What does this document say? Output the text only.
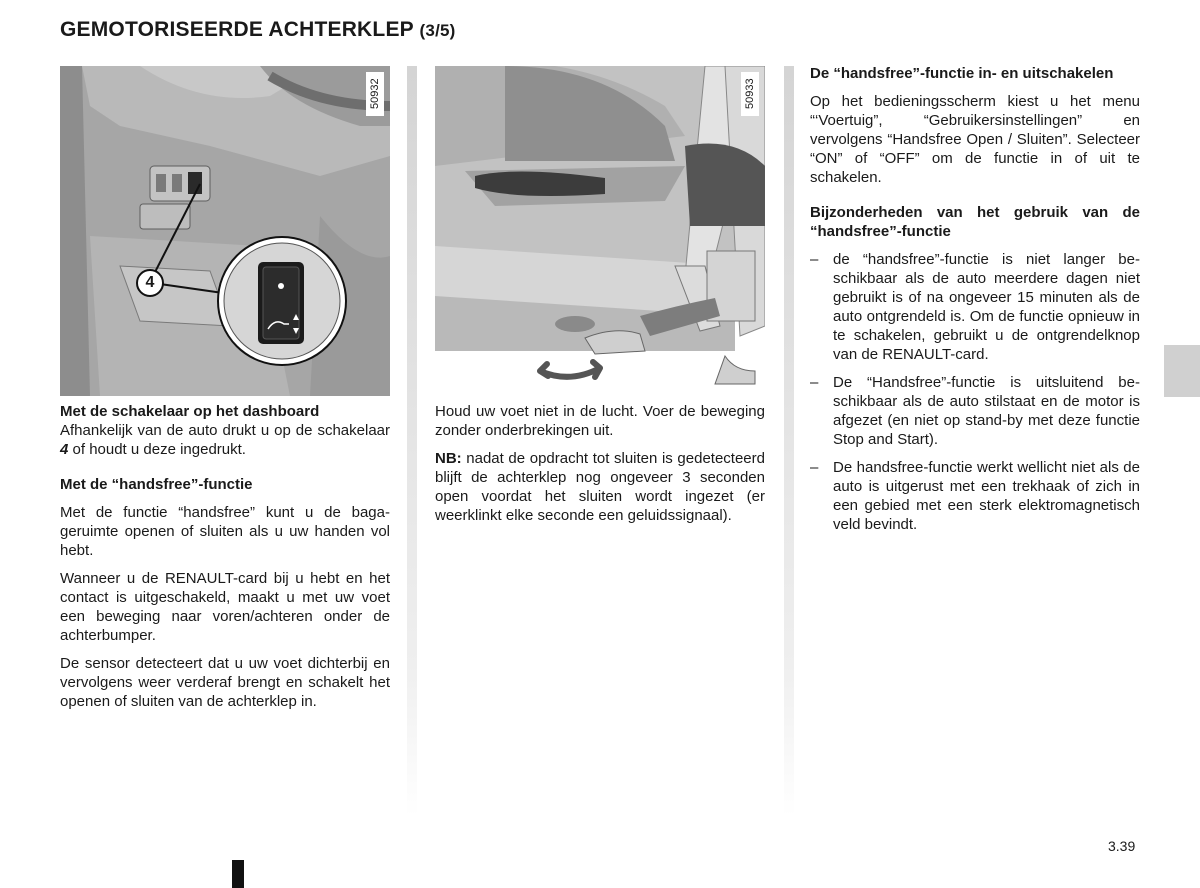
GEMOTORISEERDE ACHTERKLEP (3/5)
4
50932	50933

Met de schakelaar op het dashboard

Afhankelijk van de auto drukt u op de schakelaar 4 of houdt u deze ingedrukt.

Met de “handsfree”-functie

Met de functie “handsfree” kunt u de bagageruimte openen of sluiten als u uw handen vol hebt.

Wanneer u de RENAULT-card bij u hebt en het contact is uitgeschakeld, maakt u met uw voet een beweging naar voren/achteren onder de achterbumper.

De sensor detecteert dat u uw voet dichterbij en vervolgens weer verderaf brengt en schakelt het openen of sluiten van de achterklep in.

Houd uw voet niet in de lucht. Voer de beweging zonder onderbrekingen uit.

NB: nadat de opdracht tot sluiten is gedetecteerd blijft de achterklep nog ongeveer 3 seconden open voordat het sluiten wordt ingezet (er weerklinkt elke seconde een geluidssignaal).

De “handsfree”-functie in- en uitschakelen

Op het bedieningsscherm kiest u het menu “‘Voertuig”, “Gebruikersinstellingen” en vervolgens “Handsfree Open / Sluiten”. Selecteer “ON” of “OFF” om de functie in of uit te schakelen.

Bijzonderheden van het gebruik van de “handsfree”-functie

– de “handsfree”-functie is niet langer beschikbaar als de auto meerdere dagen niet gebruikt is of na ongeveer 15 minuten als de auto ontgrendeld is. Om de functie opnieuw in te schakelen, gebruikt u de ontgrendelknop van de RENAULT-card.
– De “Handsfree”-functie is uitsluitend beschikbaar als de auto stilstaat en de motor is afgezet (en niet op stand-by met deze functie Stop and Start).
– De handsfree-functie werkt wellicht niet als de auto is uitgerust met een trekhaak of zich in een gebied met een sterk elektromagnetisch veld bevindt.
3.39
